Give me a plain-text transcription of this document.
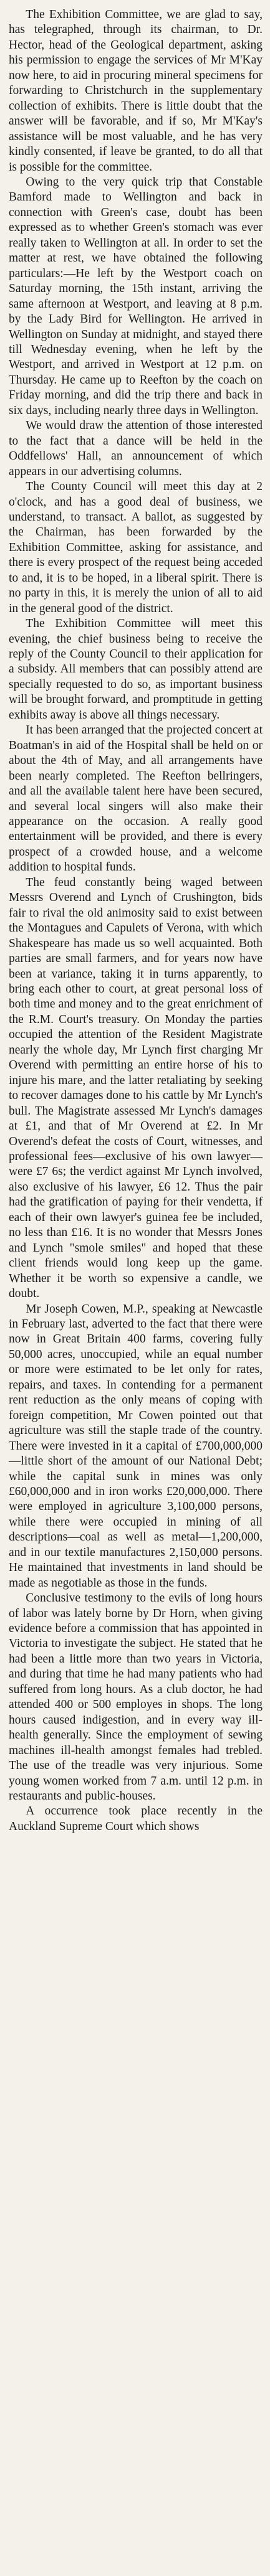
The Exhibition Committee, we are glad to say, has telegraphed, through its chairman, to Dr. Hector, head of the Geological department, asking his permission to engage the services of Mr M'Kay now here, to aid in procuring mineral specimens for forwarding to Christchurch in the supplementary collection of exhibits. There is little doubt that the answer will be favorable, and if so, Mr M'Kay's assistance will be most valuable, and he has very kindly consented, if leave be granted, to do all that is possible for the committee.

Owing to the very quick trip that Constable Bamford made to Wellington and back in connection with Green's case, doubt has been expressed as to whether Green's stomach was ever really taken to Wellington at all. In order to set the matter at rest, we have obtained the following particulars:—He left by the Westport coach on Saturday morning, the 15th instant, arriving the same afternoon at Westport, and leaving at 8 p.m. by the Lady Bird for Wellington. He arrived in Wellington on Sunday at midnight, and stayed there till Wednesday evening, when he left by the Westport, and arrived in Westport at 12 p.m. on Thursday. He came up to Reefton by the coach on Friday morning, and did the trip there and back in six days, including nearly three days in Wellington.

We would draw the attention of those interested to the fact that a dance will be held in the Oddfellows' Hall, an announcement of which appears in our advertising columns.

The County Council will meet this day at 2 o'clock, and has a good deal of business, we understand, to transact. A ballot, as suggested by the Chairman, has been forwarded by the Exhibition Committee, asking for assistance, and there is every prospect of the request being acceded to and, it is to be hoped, in a liberal spirit. There is no party in this, it is merely the union of all to aid in the general good of the district.

The Exhibition Committee will meet this evening, the chief business being to receive the reply of the County Council to their application for a subsidy. All members that can possibly attend are specially requested to do so, as important business will be brought forward, and promptitude in getting exhibits away is above all things necessary.

It has been arranged that the projected concert at Boatman's in aid of the Hospital shall be held on or about the 4th of May, and all arrangements have been nearly completed. The Reefton bellringers, and all the available talent here have been secured, and several local singers will also make their appearance on the occasion. A really good entertainment will be provided, and there is every prospect of a crowded house, and a welcome addition to hospital funds.

The feud constantly being waged between Messrs Overend and Lynch of Crushington, bids fair to rival the old animosity said to exist between the Montagues and Capulets of Verona, with which Shakespeare has made us so well acquainted. Both parties are small farmers, and for years now have been at variance, taking it in turns apparently, to bring each other to court, at great personal loss of both time and money and to the great enrichment of the R.M. Court's treasury. On Monday the parties occupied the attention of the Resident Magistrate nearly the whole day, Mr Lynch first charging Mr Overend with permitting an entire horse of his to injure his mare, and the latter retaliating by seeking to recover damages done to his cattle by Mr Lynch's bull. The Magistrate assessed Mr Lynch's damages at £1, and that of Mr Overend at £2. In Mr Overend's defeat the costs of Court, witnesses, and professional fees—exclusive of his own lawyer—were £7 6s; the verdict against Mr Lynch involved, also exclusive of his lawyer, £6 12. Thus the pair had the gratification of paying for their vendetta, if each of their own lawyer's guinea fee be included, no less than £16. It is no wonder that Messrs Jones and Lynch "smole smiles" and hoped that these client friends would long keep up the game. Whether it be worth so expensive a candle, we doubt.

Mr Joseph Cowen, M.P., speaking at Newcastle in February last, adverted to the fact that there were now in Great Britain 400 farms, covering fully 50,000 acres, unoccupied, while an equal number or more were estimated to be let only for rates, repairs, and taxes. In contending for a permanent rent reduction as the only means of coping with foreign competition, Mr Cowen pointed out that agriculture was still the staple trade of the country. There were invested in it a capital of £700,000,000—little short of the amount of our National Debt; while the capital sunk in mines was only £60,000,000 and in iron works £20,000,000. There were employed in agriculture 3,100,000 persons, while there were occupied in mining of all descriptions—coal as well as metal—1,200,000, and in our textile manufactures 2,150,000 persons. He maintained that investments in land should be made as negotiable as those in the funds.

Conclusive testimony to the evils of long hours of labor was lately borne by Dr Horn, when giving evidence before a commission that has appointed in Victoria to investigate the subject. He stated that he had been a little more than two years in Victoria, and during that time he had many patients who had suffered from long hours. As a club doctor, he had attended 400 or 500 employes in shops. The long hours caused indigestion, and in every way ill-health generally. Since the employment of sewing machines ill-health amongst females had trebled. The use of the treadle was very injurious. Some young women worked from 7 a.m. until 12 p.m. in restaurants and public-houses.

A occurrence took place recently in the Auckland Supreme Court which shows
